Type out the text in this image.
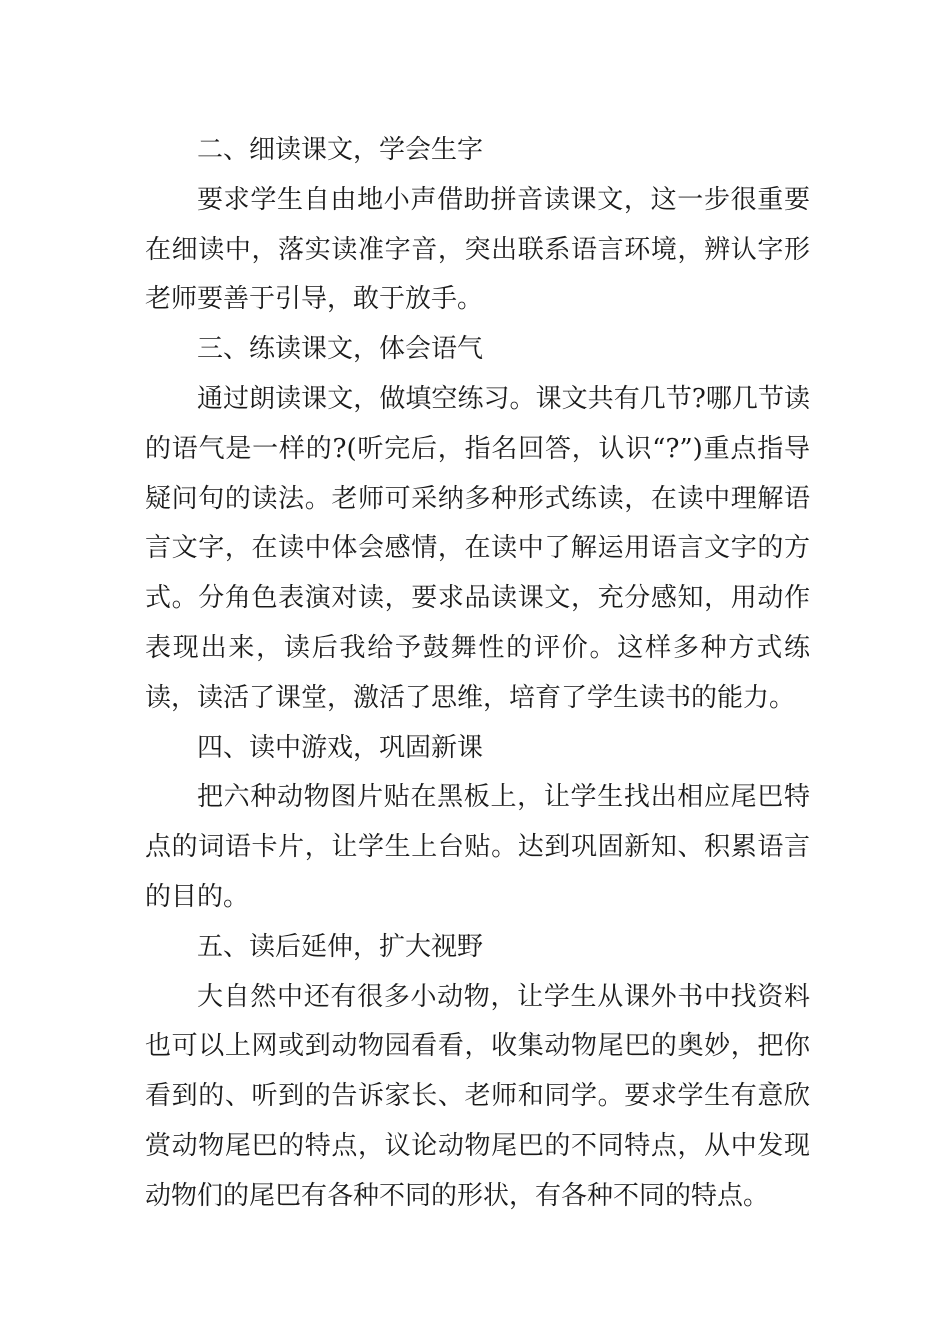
二、细读课文，学会生字

要求学生自由地小声借助拼音读课文，这一步很重要在细读中，落实读准字音，突出联系语言环境，辨认字形老师要善于引导，敢于放手。

三、练读课文，体会语气

通过朗读课文，做填空练习。课文共有几节?哪几节读的语气是一样的?(听完后，指名回答，认识“?”)重点指导疑问句的读法。老师可采纳多种形式练读，在读中理解语言文字，在读中体会感情，在读中了解运用语言文字的方式。分角色表演对读，要求品读课文，充分感知，用动作表现出来，读后我给予鼓舞性的评价。这样多种方式练读，读活了课堂，激活了思维，培育了学生读书的能力。

四、读中游戏，巩固新课

把六种动物图片贴在黑板上，让学生找出相应尾巴特点的词语卡片，让学生上台贴。达到巩固新知、积累语言的目的。

五、读后延伸，扩大视野

大自然中还有很多小动物，让学生从课外书中找资料也可以上网或到动物园看看，收集动物尾巴的奥妙，把你看到的、听到的告诉家长、老师和同学。要求学生有意欣赏动物尾巴的特点，议论动物尾巴的不同特点，从中发现动物们的尾巴有各种不同的形状，有各种不同的特点。
